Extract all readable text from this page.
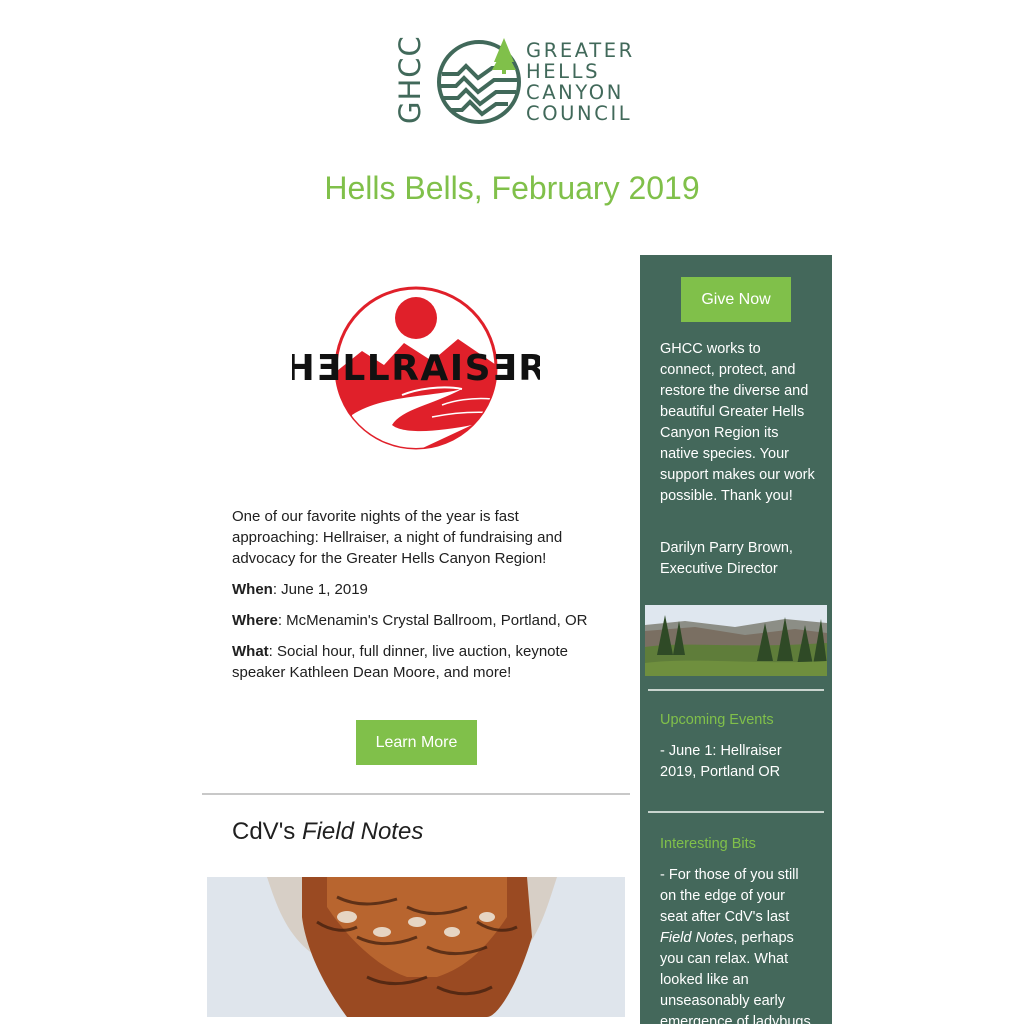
GHCC	GREATER
HELLS
CANYON
COUNCIL
Hells Bells, February 2019
HƎLLRAISƎR
One of our favorite nights of the year is fast approaching: Hellraiser, a night of fundraising and advocacy for the Greater Hells Canyon Region!
When: June 1, 2019
Where: McMenamin's Crystal Ballroom, Portland, OR
What: Social hour, full dinner, live auction, keynote speaker Kathleen Dean Moore, and more!
Learn More
CdV's Field Notes
Give Now
GHCC works to connect, protect, and restore the diverse and beautiful Greater Hells Canyon Region its native species. Your support makes our work possible. Thank you!
Darilyn Parry Brown, Executive Director
Upcoming Events
- June 1: Hellraiser 2019, Portland OR
Interesting Bits
- For those of you still on the edge of your seat after CdV's last Field Notes, perhaps you can relax. What looked like an unseasonably early emergence of ladybugs
